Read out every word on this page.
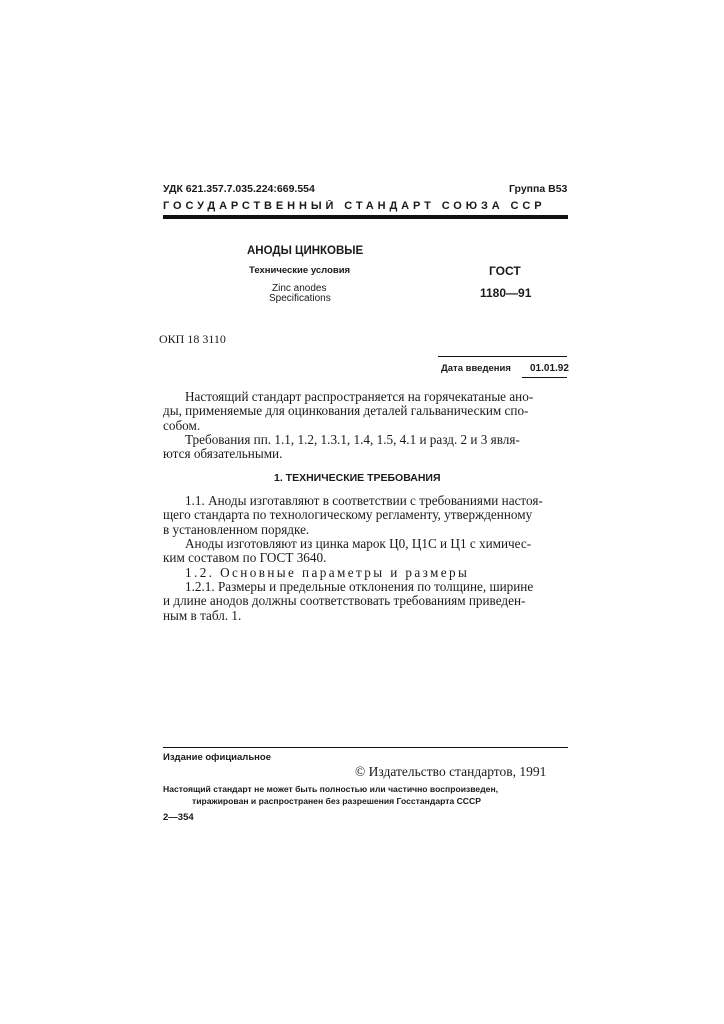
УДК 621.357.7.035.224:669.554	Группа В53
ГОСУДАРСТВЕННЫЙ СТАНДАРТ СОЮЗА ССР
АНОДЫ ЦИНКОВЫЕ
Технические условия
Zinc anodes
Specifications
ГОСТ
1180—91
ОКП 18 3110
Дата введения 01.01.92
Настоящий стандарт распространяется на горячекатаные ано-
ды, применяемые для оцинкования деталей гальваническим спо-
собом.
Требования пп. 1.1, 1.2, 1.3.1, 1.4, 1.5, 4.1 и разд. 2 и 3 явля-
ются обязательными.
1. ТЕХНИЧЕСКИЕ ТРЕБОВАНИЯ
1.1. Аноды изготавляют в соответствии с требованиями настоя-
щего стандарта по технологическому регламенту, утвержденному
в установленном порядке.
Аноды изготовляют из цинка марок Ц0, Ц1С и Ц1 с химичес-
ким составом по ГОСТ 3640.
1.2. Основные параметры и размеры
1.2.1. Размеры и предельные отклонения по толщине, ширине
и длине анодов должны соответствовать требованиям приведен-
ным в табл. 1.
Издание официальное
© Издательство стандартов, 1991
Настоящий стандарт не может быть полностью или частично воспроизведен,
тиражирован и распространен без разрешения Госстандарта СССР
2—354
